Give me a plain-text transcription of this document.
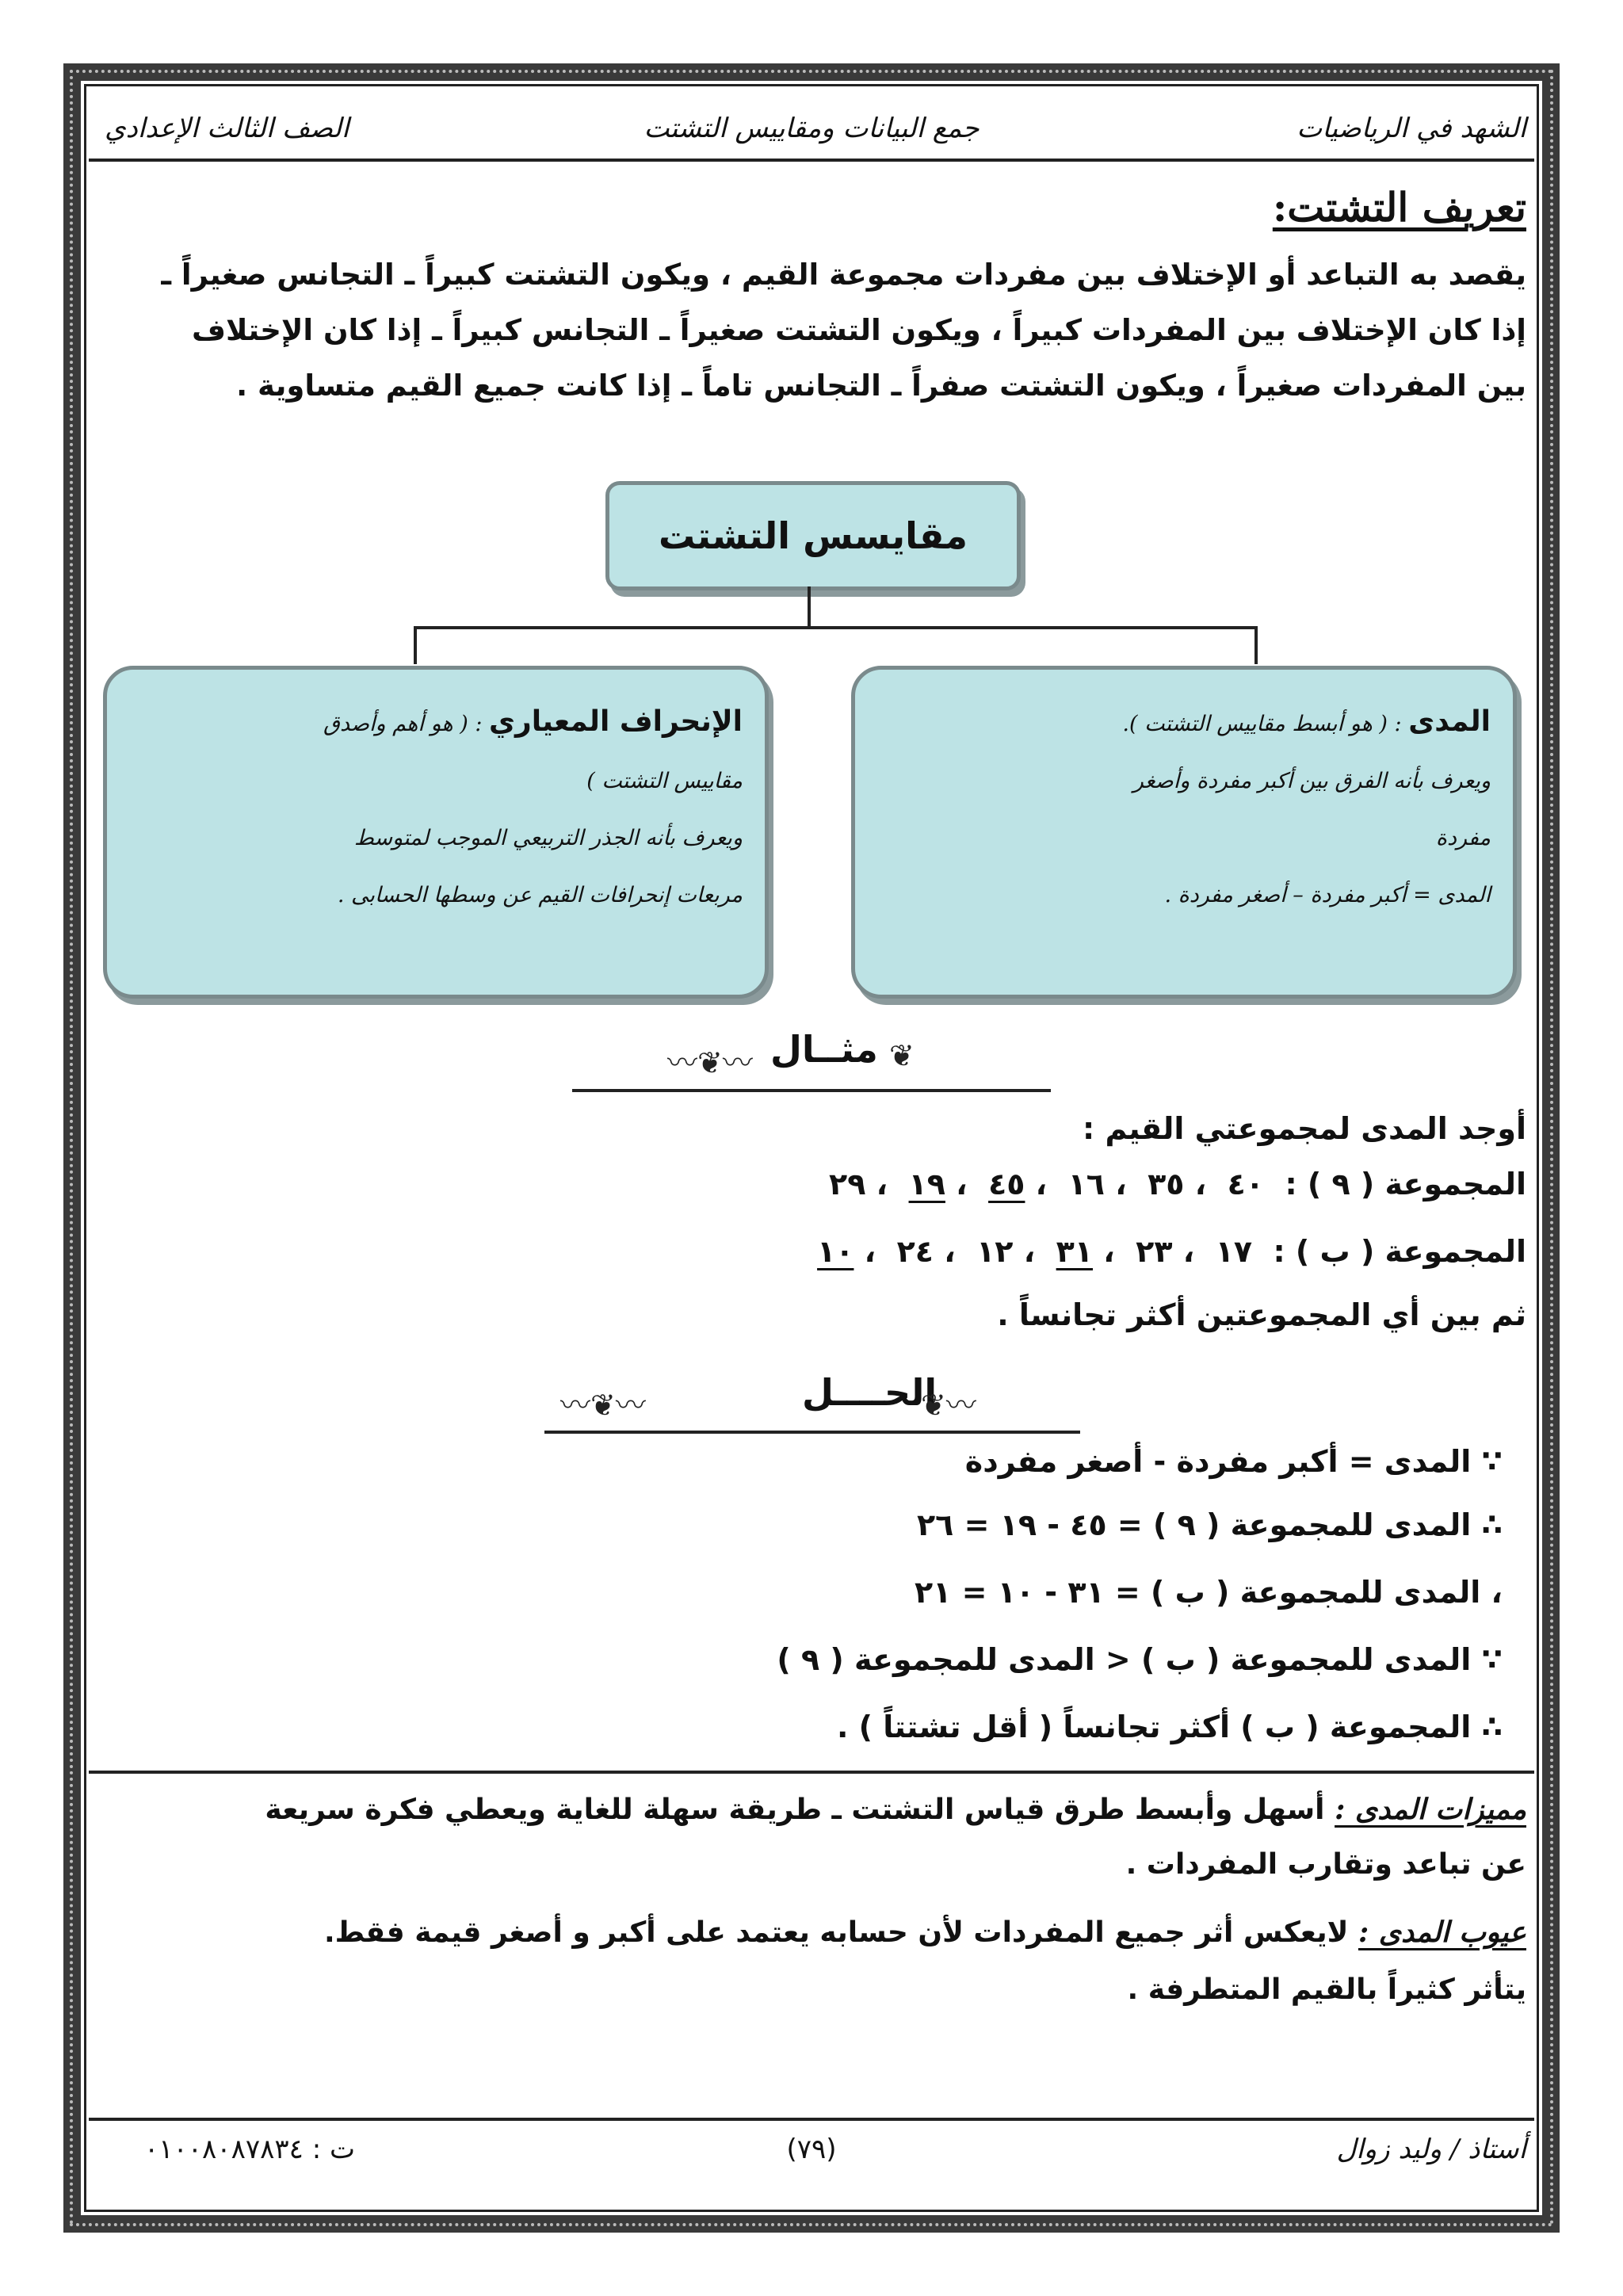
الشهد في الرياضيات
جمع البيانات ومقاييس التشتت
الصف الثالث الإعدادي
تعريف التشتت:
يقصد به التباعد أو الإختلاف بين مفردات مجموعة القيم ، ويكون التشتت كبيراً ـ التجانس صغيراً ـ
إذا كان الإختلاف بين المفردات كبيراً ، ويكون التشتت صغيراً ـ التجانس كبيراً ـ إذا كان الإختلاف
بين المفردات صغيراً ، ويكون التشتت صفراً ـ التجانس تاماً ـ إذا كانت جميع القيم متساوية .
مقايسس التشتت
المدى : ( هو أبسط مقاييس التشتت ).
ويعرف بأنه الفرق بين أكبر مفردة وأصغر
مفردة
المدى = أكبر مفردة – أصغر مفردة .
الإنحراف المعياري : ( هو أهم وأصدق
مقاييس التشتت )
ويعرف بأنه الجذر التربيعي الموجب لمتوسط
مربعات إنحرافات القيم عن وسطها الحسابى .
〰❦〰 مثــال ❦
أوجد المدى لمجموعتي القيم :
المجموعة ( ٩ ) :  ٤٠  ، ٣٥  ، ١٦  ، ٤٥  ، ١٩  ، ٢٩
المجموعة ( ب ) :  ١٧  ، ٢٣  ، ٣١  ، ١٢  ، ٢٤  ، ١٠
ثم بين أي المجموعتين أكثر تجانساً .
〰❦〰	الحــــل
〰❦
∵ المدى = أكبر مفردة - أصغر مفردة
∴ المدى للمجموعة ( ٩ ) = ٤٥ - ١٩ = ٢٦
، المدى للمجموعة ( ب ) = ٣١ - ١٠ = ٢١
∵ المدى للمجموعة ( ب ) < المدى للمجموعة ( ٩ )
∴ المجموعة ( ب ) أكثر تجانساً ( أقل تشتتاً ) .
مميزات المدى : أسهل وأبسط طرق قياس التشتت ـ طريقة سهلة للغاية ويعطي فكرة سريعة
عن تباعد وتقارب المفردات .
عيوب المدى : لايعكس أثر جميع المفردات لأن حسابه يعتمد على أكبر و أصغر قيمة فقط.
يتأثر كثيراً بالقيم المتطرفة .
أستاذ / وليد زوال
(٧٩)
ت : ٠١٠٠٨٠٨٧٨٣٤
